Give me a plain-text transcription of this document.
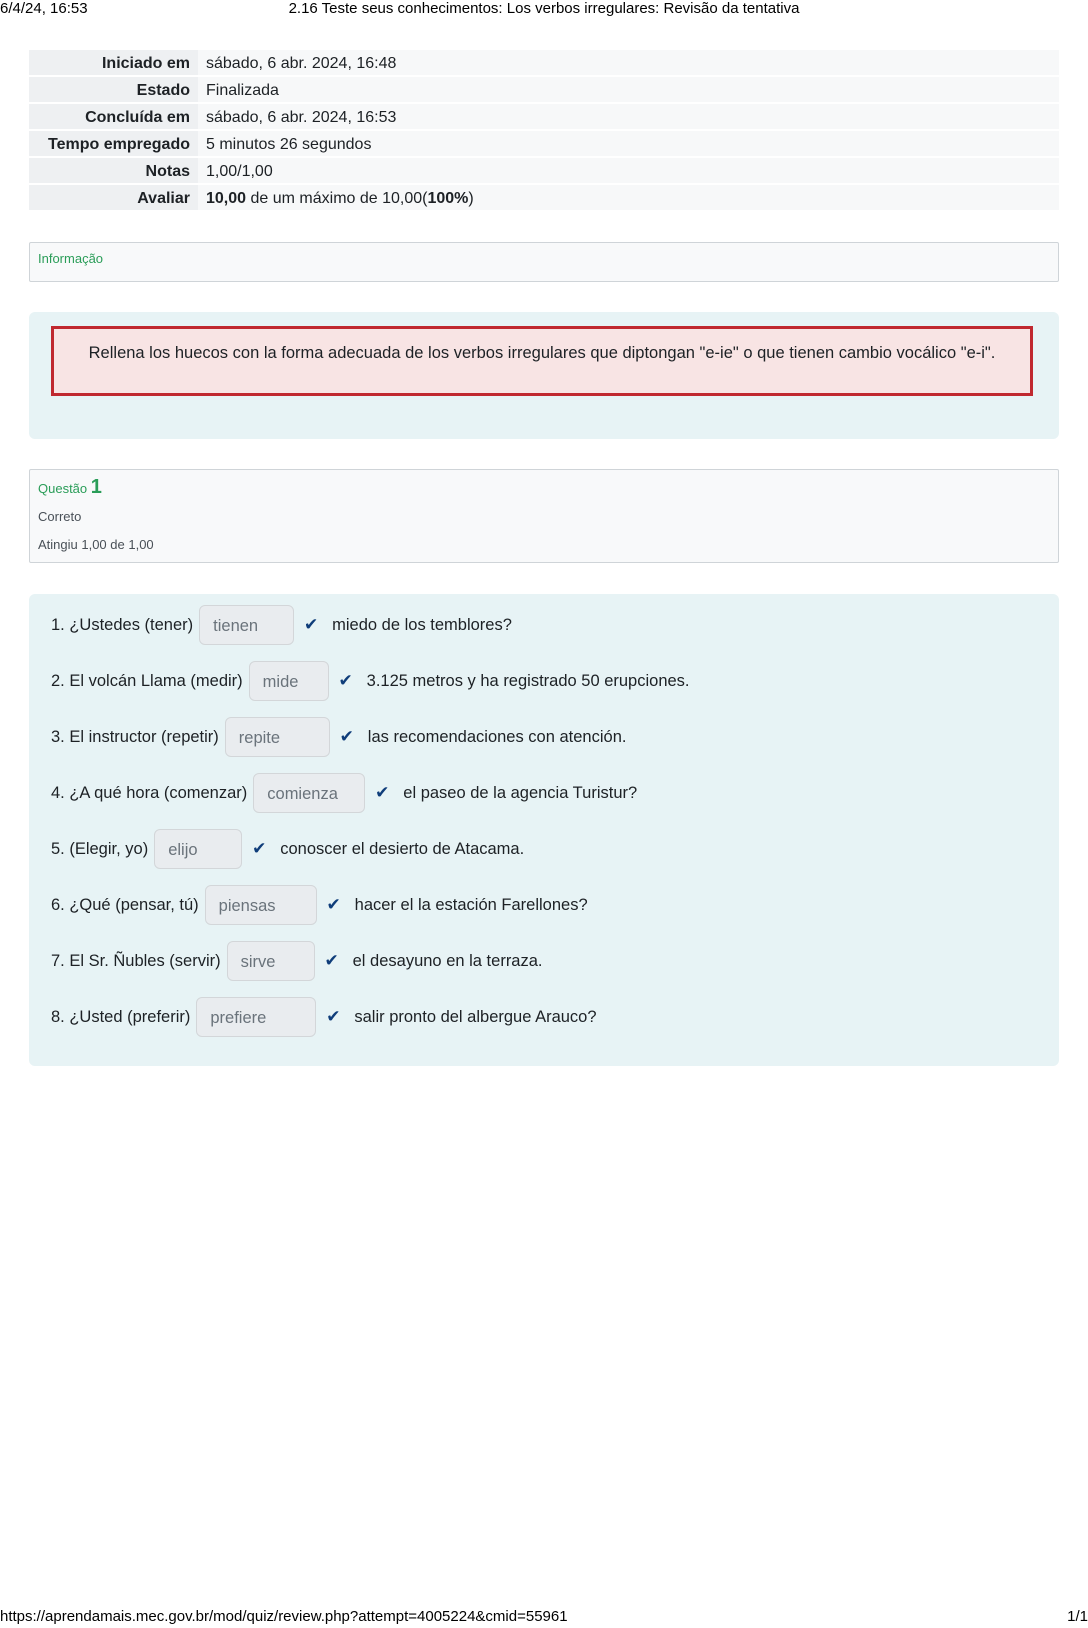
6/4/24, 16:53	2.16 Teste seus conhecimentos: Los verbos irregulares: Revisão da tentativa
Iniciado em	sábado, 6 abr. 2024, 16:48
Estado	Finalizada
Concluída em	sábado, 6 abr. 2024, 16:53
Tempo empregado	5 minutos 26 segundos
Notas	1,00/1,00
Avaliar	10,00 de um máximo de 10,00(100%)
Informação
Rellena los huecos con la forma adecuada de los verbos irregulares que diptongan "e-ie" o que tienen cambio vocálico "e-i".
Questão 1
Correto
Atingiu 1,00 de 1,00
1. ¿Ustedes (tener)	tienen	✔ miedo de los temblores?
2. El volcán Llama (medir)	mide	✔ 3.125 metros y ha registrado 50 erupciones.
3. El instructor (repetir)	repite	✔ las recomendaciones con atención.
4. ¿A qué hora (comenzar)	comienza	✔ el paseo de la agencia Turistur?
5. (Elegir, yo)	elijo	✔ conoscer el desierto de Atacama.
6. ¿Qué (pensar, tú)	piensas	✔ hacer el la estación Farellones?
7. El Sr. Ñubles (servir)	sirve	✔ el desayuno en la terraza.
8. ¿Usted (preferir)	prefiere	✔ salir pronto del albergue Arauco?
https://aprendamais.mec.gov.br/mod/quiz/review.php?attempt=4005224&cmid=55961	1/1
